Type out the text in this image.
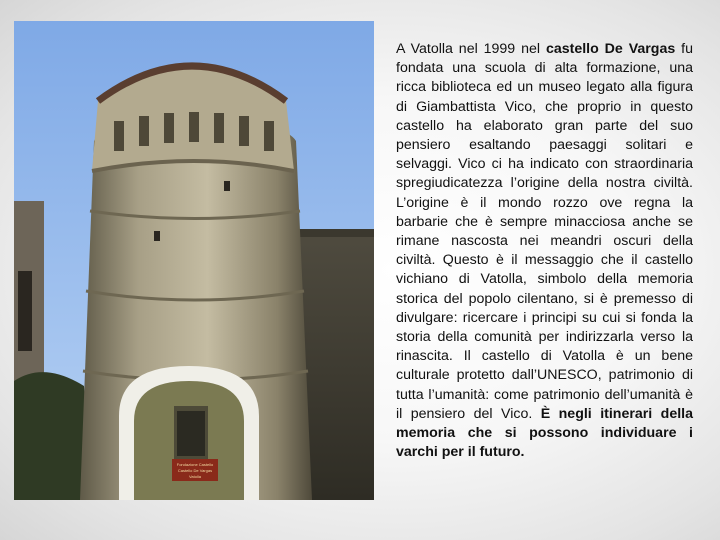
Fondazione Castello
Castello De Vargas
Vatolla
A Vatolla nel 1999 nel castello De Vargas fu fondata una scuola di alta formazione, una ricca biblioteca ed un museo legato alla figura di Giambattista Vico, che proprio in questo castello ha elaborato gran parte del suo pensiero esaltando paesaggi solitari e selvaggi. Vico ci ha indicato con straordinaria spregiudicatezza l’origine della nostra civiltà. L’origine è il mondo rozzo ove regna la barbarie che è sempre minacciosa anche se rimane nascosta nei meandri oscuri della civiltà. Questo è il messaggio che il castello vichiano di Vatolla, simbolo della memoria storica del popolo cilentano, si è premesso di divulgare: ricercare i principi su cui si fonda la storia della comunità per indirizzarla verso la rinascita. Il castello di Vatolla è un bene culturale protetto dall’UNESCO, patrimonio di tutta l’umanità: come patrimonio dell’umanità è il pensiero del Vico. È negli itinerari della memoria che si possono individuare i varchi per il futuro.
